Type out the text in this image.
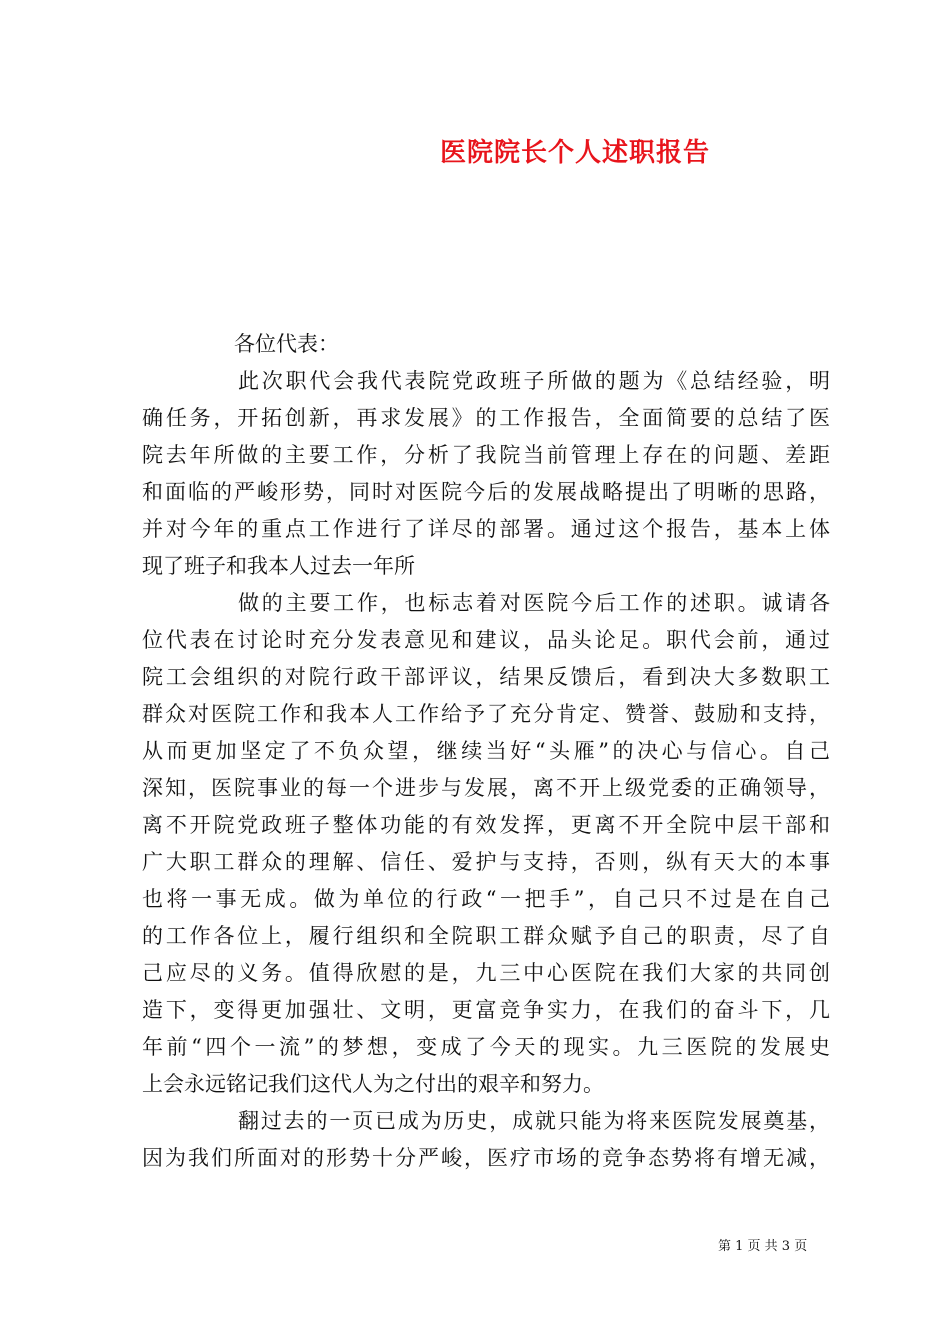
医院院长个人述职报告

各位代表：

此次职代会我代表院党政班子所做的题为《总结经验，明
确任务，开拓创新，再求发展》的工作报告，全面简要的总结了医
院去年所做的主要工作，分析了我院当前管理上存在的问题、差距
和面临的严峻形势，同时对医院今后的发展战略提出了明晰的思路，
并对今年的重点工作进行了详尽的部署。通过这个报告，基本上体
现了班子和我本人过去一年所

做的主要工作，也标志着对医院今后工作的述职。诚请各
位代表在讨论时充分发表意见和建议，品头论足。职代会前，通过
院工会组织的对院行政干部评议，结果反馈后，看到决大多数职工
群众对医院工作和我本人工作给予了充分肯定、赞誉、鼓励和支持，
从而更加坚定了不负众望，继续当好“头雁”的决心与信心。自己
深知，医院事业的每一个进步与发展，离不开上级党委的正确领导，
离不开院党政班子整体功能的有效发挥，更离不开全院中层干部和
广大职工群众的理解、信任、爱护与支持，否则，纵有天大的本事
也将一事无成。做为单位的行政“一把手”，自己只不过是在自己
的工作各位上，履行组织和全院职工群众赋予自己的职责，尽了自
己应尽的义务。值得欣慰的是，九三中心医院在我们大家的共同创
造下，变得更加强壮、文明，更富竞争实力，在我们的奋斗下，几
年前“四个一流”的梦想，变成了今天的现实。九三医院的发展史
上会永远铭记我们这代人为之付出的艰辛和努力。

翻过去的一页已成为历史，成就只能为将来医院发展奠基，
因为我们所面对的形势十分严峻，医疗市场的竞争态势将有增无减，

第 1 页 共 3 页
